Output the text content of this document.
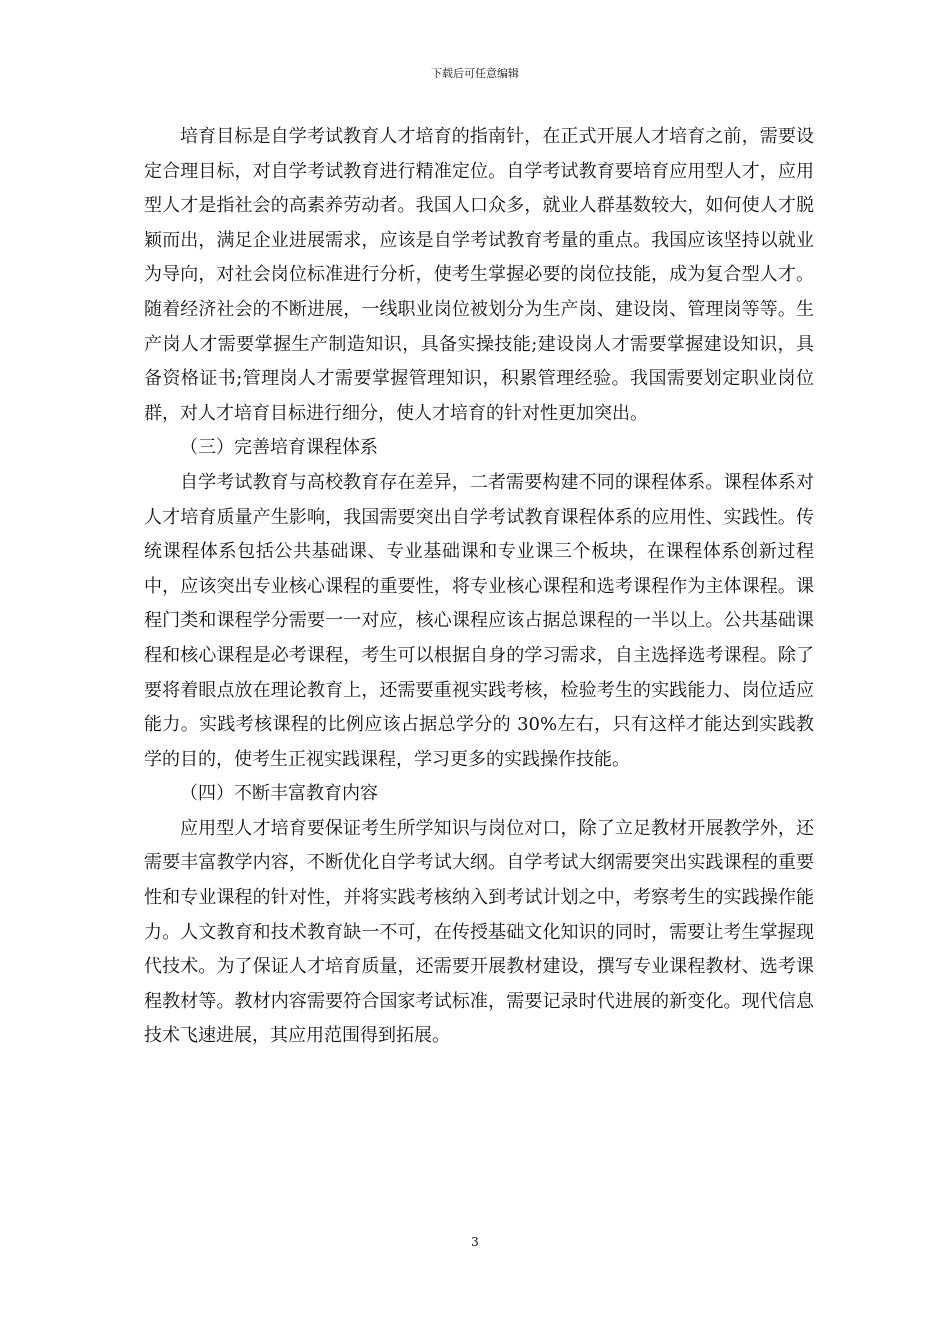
下载后可任意编辑

培育目标是自学考试教育人才培育的指南针，在正式开展人才培育之前，需要设定合理目标，对自学考试教育进行精准定位。自学考试教育要培育应用型人才，应用型人才是指社会的高素养劳动者。我国人口众多，就业人群基数较大，如何使人才脱颖而出，满足企业进展需求，应该是自学考试教育考量的重点。我国应该坚持以就业为导向，对社会岗位标准进行分析，使考生掌握必要的岗位技能，成为复合型人才。随着经济社会的不断进展，一线职业岗位被划分为生产岗、建设岗、管理岗等等。生产岗人才需要掌握生产制造知识，具备实操技能;建设岗人才需要掌握建设知识，具备资格证书;管理岗人才需要掌握管理知识，积累管理经验。我国需要划定职业岗位群，对人才培育目标进行细分，使人才培育的针对性更加突出。

（三）完善培育课程体系

自学考试教育与高校教育存在差异，二者需要构建不同的课程体系。课程体系对人才培育质量产生影响，我国需要突出自学考试教育课程体系的应用性、实践性。传统课程体系包括公共基础课、专业基础课和专业课三个板块，在课程体系创新过程中，应该突出专业核心课程的重要性，将专业核心课程和选考课程作为主体课程。课程门类和课程学分需要一一对应，核心课程应该占据总课程的一半以上。公共基础课程和核心课程是必考课程，考生可以根据自身的学习需求，自主选择选考课程。除了要将着眼点放在理论教育上，还需要重视实践考核，检验考生的实践能力、岗位适应能力。实践考核课程的比例应该占据总学分的 30%左右，只有这样才能达到实践教学的目的，使考生正视实践课程，学习更多的实践操作技能。

（四）不断丰富教育内容

应用型人才培育要保证考生所学知识与岗位对口，除了立足教材开展教学外，还需要丰富教学内容，不断优化自学考试大纲。自学考试大纲需要突出实践课程的重要性和专业课程的针对性，并将实践考核纳入到考试计划之中，考察考生的实践操作能力。人文教育和技术教育缺一不可，在传授基础文化知识的同时，需要让考生掌握现代技术。为了保证人才培育质量，还需要开展教材建设，撰写专业课程教材、选考课程教材等。教材内容需要符合国家考试标准，需要记录时代进展的新变化。现代信息技术飞速进展，其应用范围得到拓展。

3
